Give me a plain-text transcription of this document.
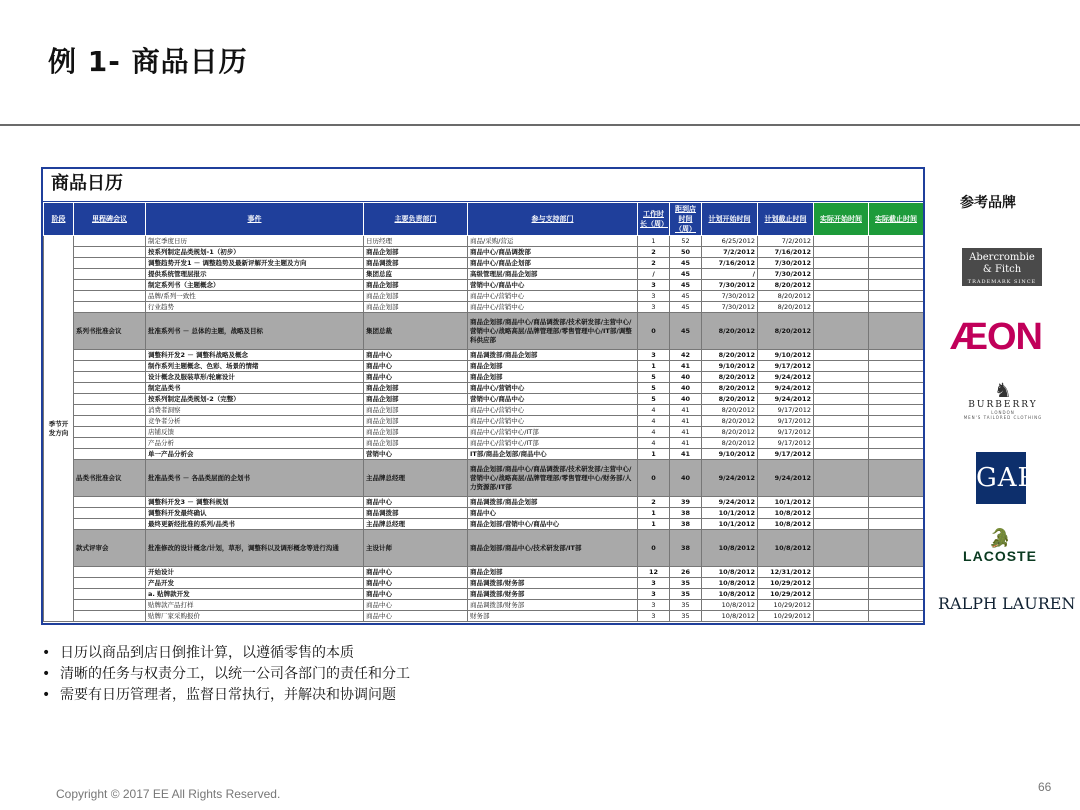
例 1- 商品日历
商品日历
阶段	里程碑会议	事件	主要负责部门	参与支持部门	工作时长（周）	距到店时间（周）	计划开始时间	计划截止时间	实际开始时间	实际截止时间
季节开发方向		制定季度日历	日历经理	商品/采购/营运	1	52	6/25/2012	7/2/2012		
		按系列制定品类规划-1（初步）	商品企划部	商品中心/商品调拨部	2	50	7/2/2012	7/16/2012		
		调整趋势开发1 － 调整趋势及最新评解开发主题及方向	商品调拨部	商品中心/商品企划部	2	45	7/16/2012	7/30/2012		
		提供系统管理层报示	集团总监	高级管理层/商品企划部	/	45	/	7/30/2012		
		制定系列书（主题概念）	商品企划部	营销中心/商品中心	3	45	7/30/2012	8/20/2012		
		品牌/系列一致性	商品企划部	商品中心/营销中心	3	45	7/30/2012	8/20/2012		
		行业趋势	商品企划部	商品中心/营销中心	3	45	7/30/2012	8/20/2012		
	系列书批准会议	批准系列书 － 总体的主题，战略及目标	集团总裁	商品企划部/商品中心/商品调拨部/技术研发部/主营中心/营销中心/战略高层/品牌管理部/零售管理中心/IT部/调整科供应部	0	45	8/20/2012	8/20/2012		
		调整科开发2 － 调整科战略及概念	商品中心	商品调拨部/商品企划部	3	42	8/20/2012	9/10/2012		
		制作系列主题概念、色彩、场景的情绪	商品中心	商品企划部	1	41	9/10/2012	9/17/2012		
		设计概念及服装草形/轮廓设计	商品中心	商品企划部	5	40	8/20/2012	9/24/2012		
		制定品类书	商品企划部	商品中心/营销中心	5	40	8/20/2012	9/24/2012		
		按系列制定品类规划-2（完整）	商品企划部	营销中心/商品中心	5	40	8/20/2012	9/24/2012		
		消费者洞察	商品企划部	商品中心/营销中心	4	41	8/20/2012	9/17/2012		
		竞争者分析	商品企划部	商品中心/营销中心	4	41	8/20/2012	9/17/2012		
		店铺反馈	商品企划部	商品中心/营销中心/IT部	4	41	8/20/2012	9/17/2012		
		产品分析	商品企划部	商品中心/营销中心/IT部	4	41	8/20/2012	9/17/2012		
		单一产品分析会	营销中心	IT部/商品企划部/商品中心	1	41	9/10/2012	9/17/2012		
	品类书批准会议	批准品类书 － 各品类层面的企划书	主品牌总经理	商品企划部/商品中心/商品调拨部/技术研发部/主营中心/营销中心/战略高层/品牌管理部/零售管理中心/财务部/人力资源部/IT部	0	40	9/24/2012	9/24/2012		
		调整科开发3 － 调整科规划	商品中心	商品调拨部/商品企划部	2	39	9/24/2012	10/1/2012		
		调整科开发最终确认	商品调拨部	商品中心	1	38	10/1/2012	10/8/2012		
		最终更新经批准的系列/品类书	主品牌总经理	商品企划部/营销中心/商品中心	1	38	10/1/2012	10/8/2012		
	款式评审会	批准修改的设计概念/计划，草形，调整科以及调形概念等进行沟通	主设计师	商品企划部/商品中心/技术研发部/IT部	0	38	10/8/2012	10/8/2012		
		开始设计	商品中心	商品企划部	12	26	10/8/2012	12/31/2012		
		产品开发	商品中心	商品调拨部/财务部	3	35	10/8/2012	10/29/2012		
		a. 贴牌款开发	商品中心	商品调拨部/财务部	3	35	10/8/2012	10/29/2012		
		贴牌款产品打样	商品中心	商品调拨部/财务部	3	35	10/8/2012	10/29/2012		
		贴牌厂家采购报价	商品中心	财务部	3	35	10/8/2012	10/29/2012		
参考品牌
Abercrombie
& Fitch
TRADEMARK SINCE 1892
ÆON
♞
BURBERRY
LONDON
MEN'S TAILORED CLOTHING
GAP
🐊
LACOSTE
RALPH LAUREN
• 日历以商品到店日倒推计算，以遵循零售的本质
• 清晰的任务与权责分工，以统一公司各部门的责任和分工
• 需要有日历管理者，监督日常执行，并解决和协调问题
Copyright © 2017 EE All Rights Reserved.	66
